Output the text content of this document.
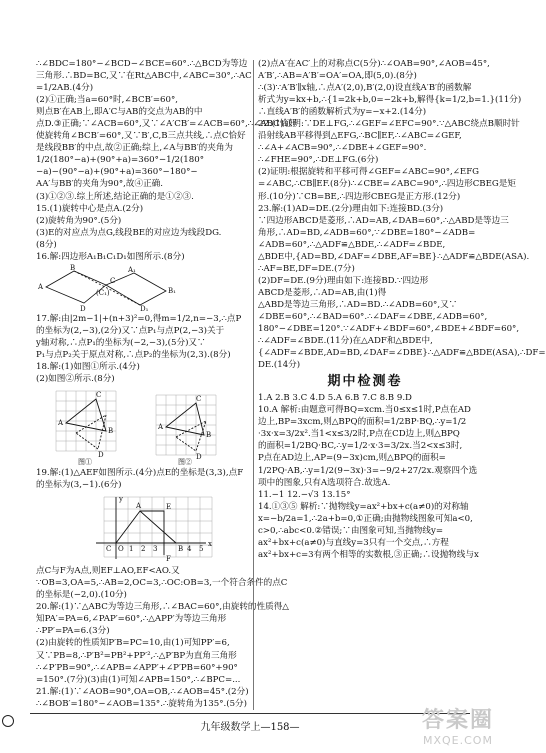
∴∠BDC=180°−∠BCD−∠BCE=60°.∴△BCD为等边
三角形.∴BD=BC,又∵在Rt△ABC中,∠ABC=30°,∴AC
=1/2AB.(4分)
(2)①正确;当a=60°时,∠BCB′=60°,
则点B′在AB上,即A′C与AB的交点为AB的中
点D.③正确;∵∠ACB=60°,又∵∠A′CB′=∠ACB=60°,∴∠ABC恰好
使旋转角∠BCB′=60°,又∵B′,C,B三点共线,∴点C恰好
是线段BB′的中点,故②正确;综上,∠A与BB′的夹角为
1/2(180°−a)+(90°+a)=360°−1/2(180°
−a)−(90°−a)+(90°+a)=360°−180°−
AA′与BB′的夹角为90°,故④正确.
(3)①②③.综上所述,结论正确的是①②③.
15.(1)旋转中心是点A.(2分)
(2)旋转角为90°.(5分)
(3)E的对应点为点G,线段BE的对应边为线段DG.
(8分)
16.解:四边形A₁B₁C₁D₁如图所示.(8分)
A
B
C
D
(C₁)
A₁
B₁
D₁
17.解:由|2m−1|+(n+3)²=0,得m=1/2,n=−3,∴点P
的坐标为(2,−3),(2分)又∵点P₁与点P(2,−3)关于
y轴对称,∴点P₁的坐标为(−2,−3),(5分)又∵
P₁与点P₂关于原点对称,∴点P₂的坐标为(2,3).(8分)
18.解:(1)如图①所示.(4分)
(2)如图②所示.(8分)
C
A
B
D
C
A
B
D
图①	图②
19.解:(1)△AEF如图所示.(4分)点E的坐标是(3,3),点F
的坐标为(3,−1).(6分)
y
x
E
A
B
C
F
O 1 2 3	4 5
点C与F为A点,则EF⊥AO,EF<AO.又
∵OB=3,OA=5,∴AB=2,OC=3,∴OC:OB=3,一个符合条件的点C
的坐标是(−2,0).(10分)
20.解:(1)∵△ABC为等边三角形,∴∠BAC=60°,由旋转的性质得△
知PA′=PA=6,∠PAP′=60°,∴△APP′为等边三角形
∴PP′=PA=6.(3分)
(2)由旋转的性质知P′B=PC=10,由(1)可知PP′=6,
又∵PB=8,∴P′B²=PB²+PP′²,∴△P′BP为直角三角形
∴∠P′PB=90°,∴∠APB=∠APP′+∠P′PB=60°+90°
=150°.(7分)(3)由(1)可知∠APB=150°,∴∠BPC=...
21.解:(1)∵∠AOB=90°,OA=OB,∴∠AOB=45°.(2分)
∴∠BOB′=180°−∠AOB=135°.∴旋转角为135°.(5分)
(2)点A′在AC′上的对称点C(5分)∴∠OAB=90°,∠AOB=45°,
A′B′,∴AB=A′B′=OA′=OA,即(5,0).(8分)
∴(3)∵A′B′∥x轴,∴点A′(2,0),B′(2,0)设直线A′B′的函数解
析式为y=kx+b,∴{1=2k+b,0=−2k+b,解得{k=1/2,b=1.}(11分)
∴直线A′B′的函数解析式为y=−x+2.(14分)
22.(1)证明:∵DE⊥FG,∴∠GEF=∠EFC=90°.∵△ABC绕点B顺时针
沿射线AB平移得到△EFG,∴BC∥EF,∴∠ABC=∠GEF,
∴∠A+∠ACB=90°,∴∠DBE+∠GEF=90°.
∴∠FHE=90°,∴DE⊥FG.(6分)
(2)证明:根据旋转和平移可得∠GEF=∠ABC=90°,∠EFG
=∠ABC,∴CB∥EF.(8分)∴∠CBE=∠ABC=90°,∴四边形CBEG是矩
形.(10分)∵CB=BE,∴四边形CBEG是正方形.(12分)
23.解:(1)AD=DE.(2分)理由如下:连接BD.(3分)
∵四边形ABCD是菱形,∴AD=AB,∠DAB=60°,∴△ABD是等边三
角形,∴AD=BD,∠ADB=60°,∵∠DBE=180°−∠ADB=
∠ADB=60°,∴△ADF≌△BDE,∴∠ADF=∠BDE,
△BDE中,{AD=BD,∠DAF=∠DBE,AF=BE}∴△ADF≌△BDE(ASA).
∴AF=BE,DF=DE.(7分)
(2)DF=DE.(9分)理由如下:连接BD.∵四边形
ABCD是菱形,∴AD=AB,由(1)得
△ABD是等边三角形,∴AD=BD.∴∠ADB=60°,又∵
∠DBE=60°,∴∠BAD=60°.∴∠DAF=∠DBE,∠ADB=60°,
180°−∠DBE=120°.∵∠ADF+∠BDF=60°,∠BDE+∠BDF=60°,
∴∠ADF=∠BDE.(11分)在△ADF和△BDE中,
{∠ADF=∠BDE,AD=BD,∠DAF=∠DBE}∴△ADF≌△BDE(ASA),∴DF=
DE.(14分)
期中检测卷
1.A 2.B 3.C 4.D 5.A 6.B 7.C 8.B 9.D
10.A 解析:由题意可得BQ=xcm.当0≤x≤1时,P点在AD
边上,BP=3xcm,则△BPQ的面积=1/2BP·BQ,∴y=1/2
·3x·x=3/2x².当1<x≤3/2时,P点在CD边上,则△BPQ
的面积=1/2BQ·BC,∴y=1/2·x·3=3/2x.当2<x≤3时,
P点在AD边上,AP=(9−3x)cm,则△BPQ的面积=
1/2PQ·AB,∴y=1/2(9−3x)·3=−9/2+27/2x.观察四个选
项中的图象,只有A选项符合.故选A.
11.−1 12.−√3 13.15°
14.①③⑤ 解析:∵抛物线y=ax²+bx+c(a≠0)的对称轴
x=−b/2a=1,∴2a+b=0,①正确;由抛物线图象可知a<0,
c>0,∴abc<0.②错误;∵由图象可知,当抛物线y=
ax²+bx+c(a≠0)与直线y=3只有一个交点,∴方程
ax²+bx+c=3有两个相等的实数根,③正确;∴设抛物线与x
九年级数学上—158—	答案圈
MXQE.COM
